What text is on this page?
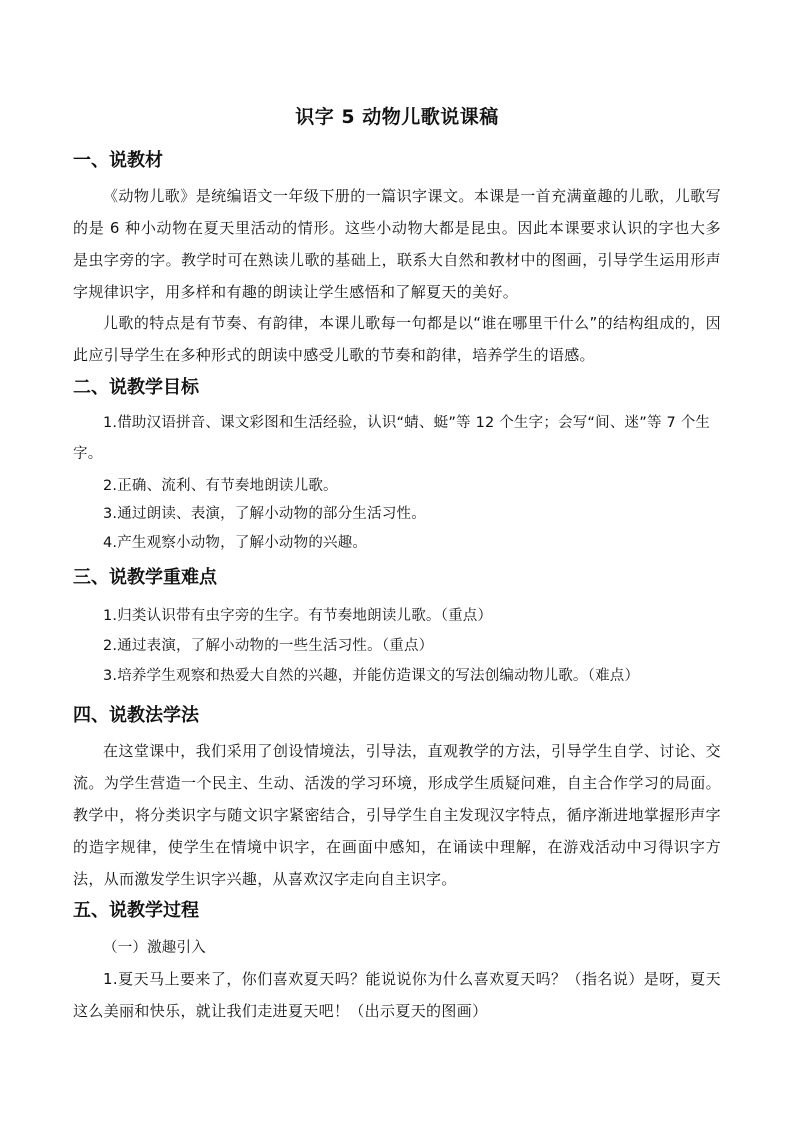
识字 5 动物儿歌说课稿
一、说教材

《动物儿歌》是统编语文一年级下册的一篇识字课文。本课是一首充满童趣的儿歌，儿歌写的是 6 种小动物在夏天里活动的情形。这些小动物大都是昆虫。因此本课要求认识的字也大多是虫字旁的字。教学时可在熟读儿歌的基础上，联系大自然和教材中的图画，引导学生运用形声字规律识字，用多样和有趣的朗读让学生感悟和了解夏天的美好。

儿歌的特点是有节奏、有韵律，本课儿歌每一句都是以“谁在哪里干什么”的结构组成的，因此应引导学生在多种形式的朗读中感受儿歌的节奏和韵律，培养学生的语感。

二、说教学目标

1.借助汉语拼音、课文彩图和生活经验，认识“蜻、蜓”等 12 个生字；会写“间、迷”等 7 个生字。

2.正确、流利、有节奏地朗读儿歌。

3.通过朗读、表演，了解小动物的部分生活习性。

4.产生观察小动物，了解小动物的兴趣。

三、说教学重难点

1.归类认识带有虫字旁的生字。有节奏地朗读儿歌。（重点）

2.通过表演，了解小动物的一些生活习性。（重点）

3.培养学生观察和热爱大自然的兴趣，并能仿造课文的写法创编动物儿歌。（难点）

四、说教法学法

在这堂课中，我们采用了创设情境法，引导法，直观教学的方法，引导学生自学、讨论、交流。为学生营造一个民主、生动、活泼的学习环境，形成学生质疑问难，自主合作学习的局面。教学中，将分类识字与随文识字紧密结合，引导学生自主发现汉字特点，循序渐进地掌握形声字的造字规律，使学生在情境中识字，在画面中感知，在诵读中理解，在游戏活动中习得识字方法，从而激发学生识字兴趣，从喜欢汉字走向自主识字。

五、说教学过程

（一）激趣引入

1.夏天马上要来了，你们喜欢夏天吗？能说说你为什么喜欢夏天吗？（指名说）是呀，夏天这么美丽和快乐，就让我们走进夏天吧！（出示夏天的图画）
